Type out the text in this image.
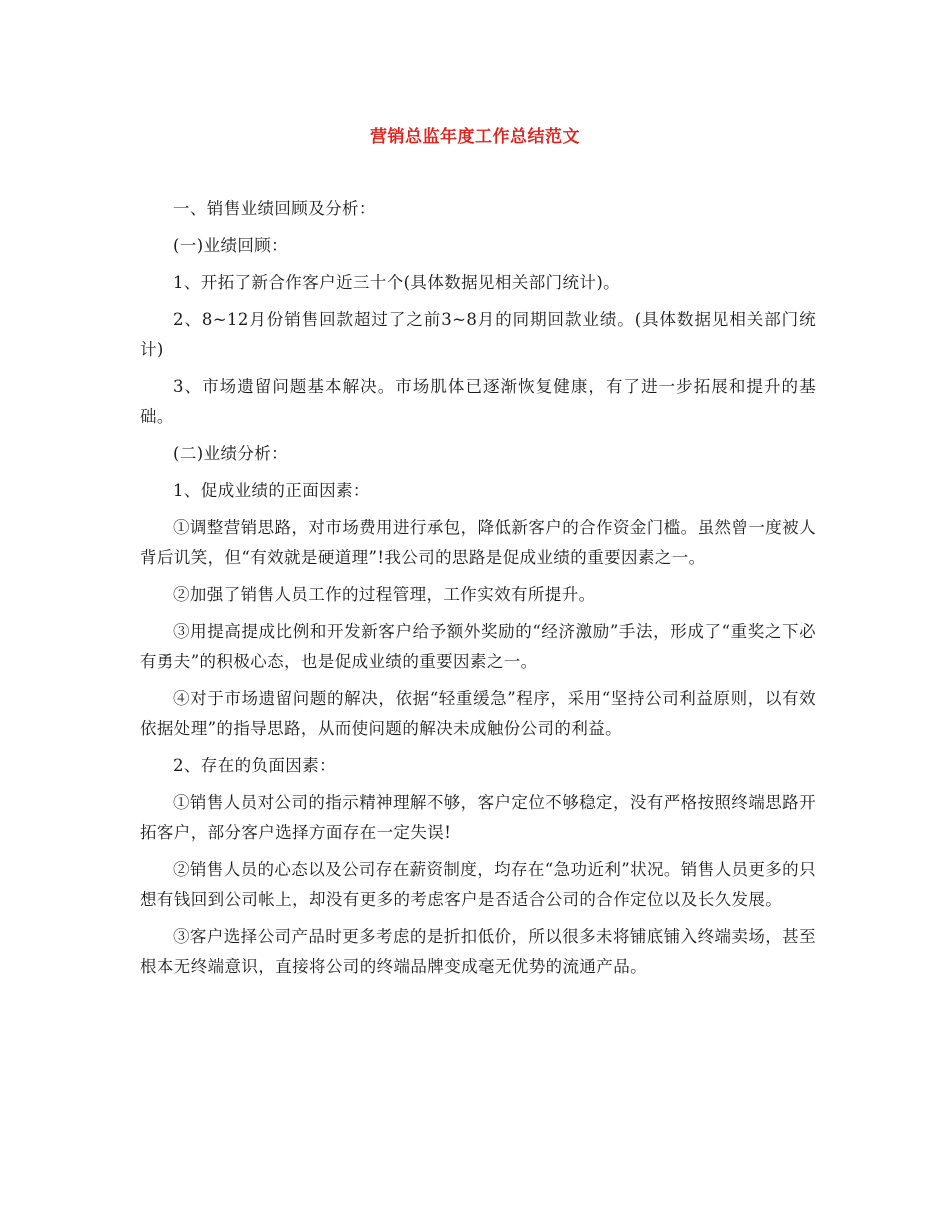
营销总监年度工作总结范文

一、销售业绩回顾及分析：

(一)业绩回顾：

1、开拓了新合作客户近三十个(具体数据见相关部门统计)。

2、8~12月份销售回款超过了之前3~8月的同期回款业绩。(具体数据见相关部门统计)

3、市场遗留问题基本解决。市场肌体已逐渐恢复健康，有了进一步拓展和提升的基础。

(二)业绩分析：

1、促成业绩的正面因素：

①调整营销思路，对市场费用进行承包，降低新客户的合作资金门槛。虽然曾一度被人背后讥笑，但“有效就是硬道理”!我公司的思路是促成业绩的重要因素之一。

②加强了销售人员工作的过程管理，工作实效有所提升。

③用提高提成比例和开发新客户给予额外奖励的“经济激励”手法，形成了“重奖之下必有勇夫”的积极心态，也是促成业绩的重要因素之一。

④对于市场遗留问题的解决，依据“轻重缓急”程序，采用“坚持公司利益原则，以有效依据处理”的指导思路，从而使问题的解决未成触份公司的利益。

2、存在的负面因素：

①销售人员对公司的指示精神理解不够，客户定位不够稳定，没有严格按照终端思路开拓客户，部分客户选择方面存在一定失误!

②销售人员的心态以及公司存在薪资制度，均存在“急功近利”状况。销售人员更多的只想有钱回到公司帐上，却没有更多的考虑客户是否适合公司的合作定位以及长久发展。

③客户选择公司产品时更多考虑的是折扣低价，所以很多未将铺底铺入终端卖场，甚至根本无终端意识，直接将公司的终端品牌变成毫无优势的流通产品。
